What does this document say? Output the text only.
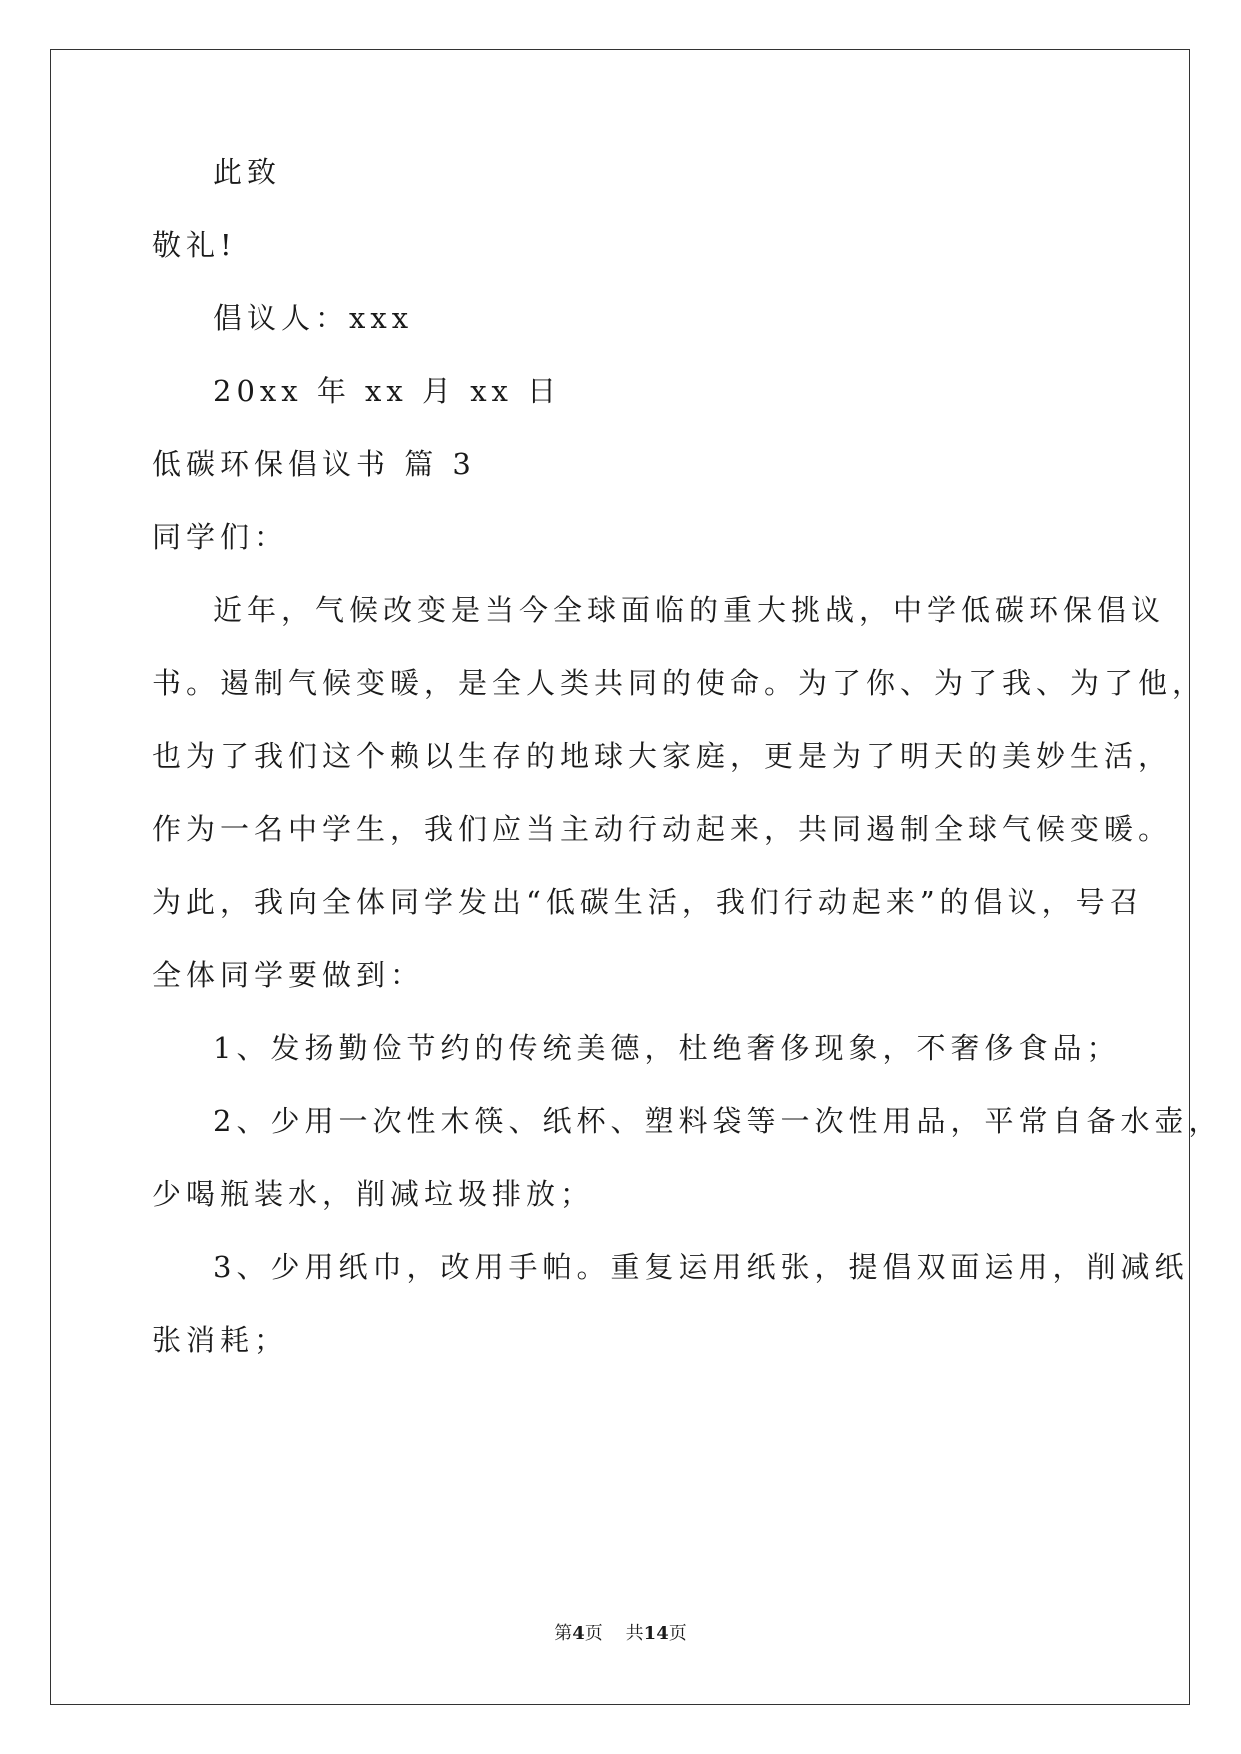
此致
敬礼!
倡议人：xxx
20xx 年 xx 月 xx 日
低碳环保倡议书 篇 3
同学们：
近年，气候改变是当今全球面临的重大挑战，中学低碳环保倡议
书。遏制气候变暖，是全人类共同的使命。为了你、为了我、为了他，
也为了我们这个赖以生存的地球大家庭，更是为了明天的美妙生活，
作为一名中学生，我们应当主动行动起来，共同遏制全球气候变暖。
为此，我向全体同学发出“低碳生活，我们行动起来”的倡议，号召
全体同学要做到：
1、发扬勤俭节约的传统美德，杜绝奢侈现象，不奢侈食品；
2、少用一次性木筷、纸杯、塑料袋等一次性用品，平常自备水壶，
少喝瓶装水，削减垃圾排放；
3、少用纸巾，改用手帕。重复运用纸张，提倡双面运用，削减纸
张消耗；
第4页 共14页
